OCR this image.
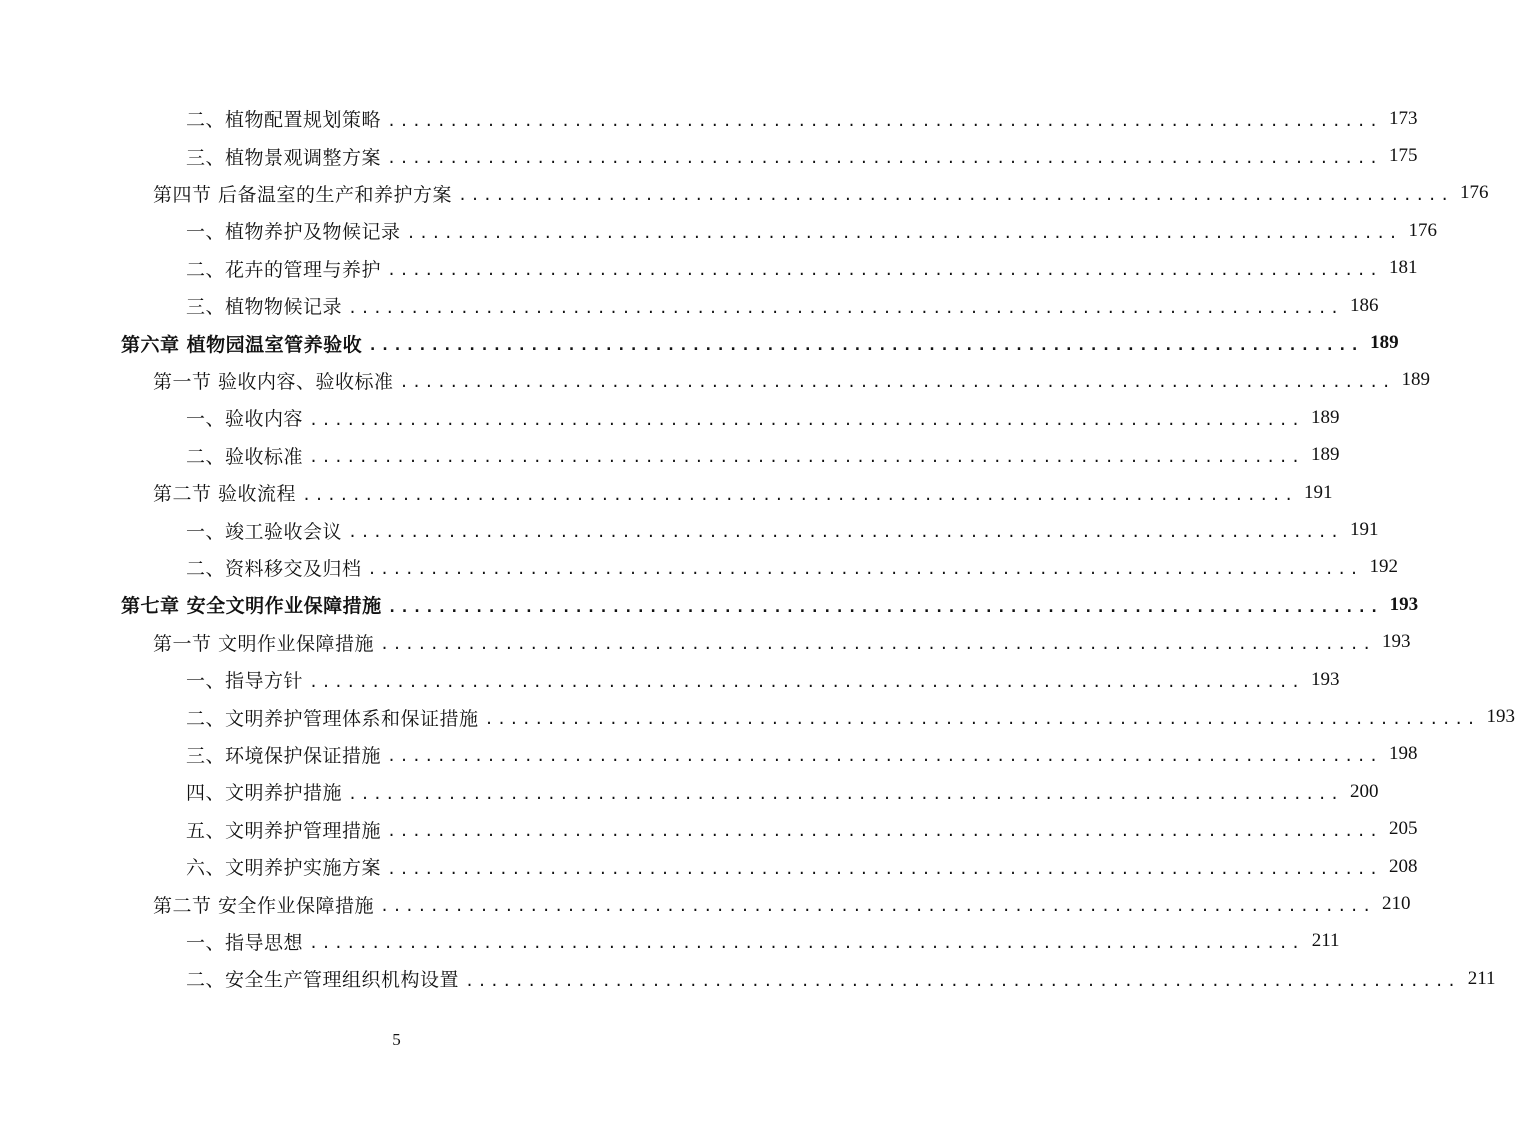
二、植物配置规划策略 ................................................................................ 173
三、植物景观调整方案 ................................................................................ 175
第四节 后备温室的生产和养护方案 ................................................................................ 176
一、植物养护及物候记录 ................................................................................ 176
二、花卉的管理与养护 ................................................................................ 181
三、植物物候记录 ................................................................................ 186
第六章 植物园温室管养验收 ................................................................................ 189
第一节 验收内容、验收标准 ................................................................................ 189
一、验收内容 ................................................................................ 189
二、验收标准 ................................................................................ 189
第二节 验收流程 ................................................................................ 191
一、竣工验收会议 ................................................................................ 191
二、资料移交及归档 ................................................................................ 192
第七章 安全文明作业保障措施 ................................................................................ 193
第一节 文明作业保障措施 ................................................................................ 193
一、指导方针 ................................................................................ 193
二、文明养护管理体系和保证措施 ................................................................................ 193
三、环境保护保证措施 ................................................................................ 198
四、文明养护措施 ................................................................................ 200
五、文明养护管理措施 ................................................................................ 205
六、文明养护实施方案 ................................................................................ 208
第二节 安全作业保障措施 ................................................................................ 210
一、指导思想 ................................................................................ 211
二、安全生产管理组织机构设置 ................................................................................ 211
5
